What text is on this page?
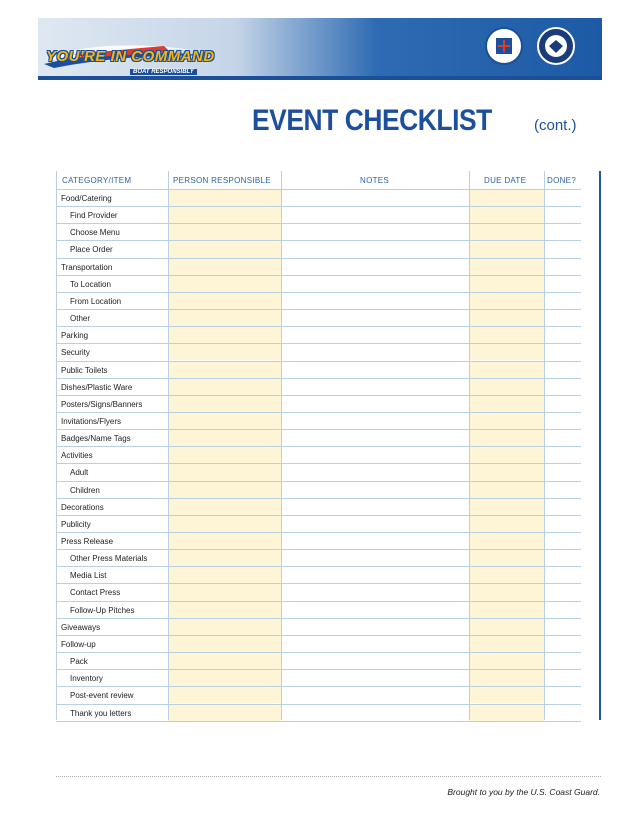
YOU'RE IN COMMAND
BOAT RESPONSIBLY
EVENT CHECKLIST	(cont.)
CATEGORY/ITEM	PERSON RESPONSIBLE	NOTES	DUE DATE	DONE?
Food/Catering
Find Provider
Choose Menu
Place Order
Transportation
To Location
From Location
Other
Parking
Security
Public Toilets
Dishes/Plastic Ware
Posters/Signs/Banners
Invitations/Flyers
Badges/Name Tags
Activities
Adult
Children
Decorations
Publicity
Press Release
Other Press Materials
Media List
Contact Press
Follow-Up Pitches
Giveaways
Follow-up
Pack
Inventory
Post-event review
Thank you letters
Brought to you by the U.S. Coast Guard.
